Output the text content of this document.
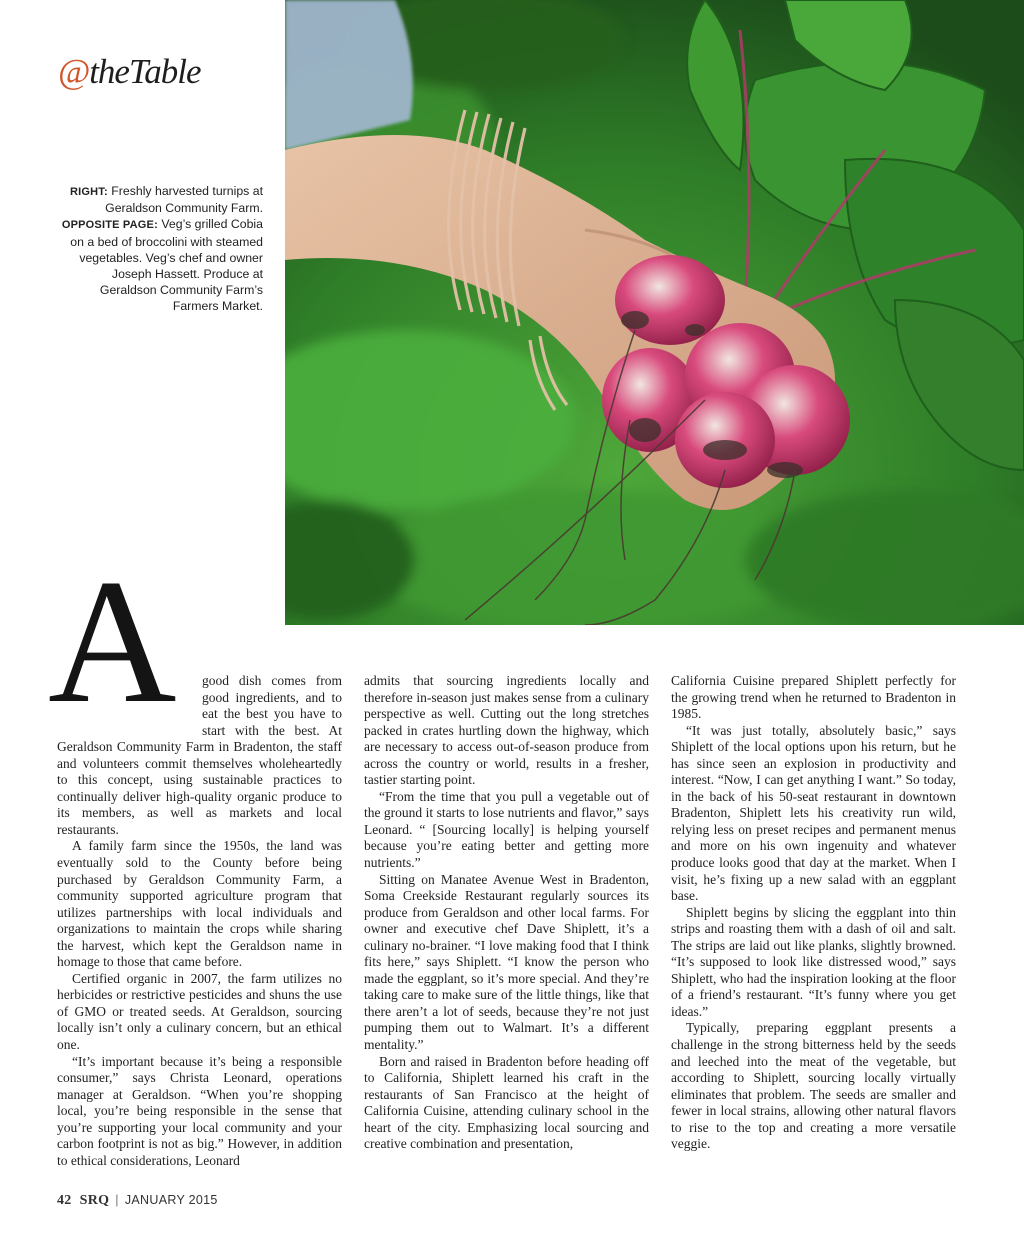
@theTable

RIGHT: Freshly harvested turnips at Geraldson Community Farm. OPPOSITE PAGE: Veg’s grilled Cobia on a bed of broccolini with steamed vegetables. Veg’s chef and owner Joseph Hassett. Produce at Geraldson Community Farm’s Farmers Market.

A	good dish comes from good ingredients, and to eat the best you have to start with the best. At Geraldson Community Farm in Bradenton, the staff and volunteers commit themselves wholeheartedly to this concept, using sustainable practices to continually deliver high-quality organic produce to its members, as well as markets and local restaurants.

A family farm since the 1950s, the land was eventually sold to the County before being purchased by Geraldson Community Farm, a community supported agriculture program that utilizes partnerships with local individuals and organizations to maintain the crops while sharing the harvest, which kept the Geraldson name in homage to those that came before.

Certified organic in 2007, the farm utilizes no herbicides or restrictive pesticides and shuns the use of GMO or treated seeds. At Geraldson, sourcing locally isn’t only a culinary concern, but an ethical one.

“It’s important because it’s being a responsible consumer,” says Christa Leonard, operations manager at Geraldson. “When you’re shopping local, you’re being responsible in the sense that you’re supporting your local community and your carbon footprint is not as big.” However, in addition to ethical considerations, Leonard

admits that sourcing ingredients locally and therefore in-season just makes sense from a culinary perspective as well. Cutting out the long stretches packed in crates hurtling down the highway, which are necessary to access out-of-season produce from across the country or world, results in a fresher, tastier starting point.

“From the time that you pull a vegetable out of the ground it starts to lose nutrients and flavor,” says Leonard. “ [Sourcing locally] is helping yourself because you’re eating better and getting more nutrients.”

Sitting on Manatee Avenue West in Bradenton, Soma Creekside Restaurant regularly sources its produce from Geraldson and other local farms. For owner and executive chef Dave Shiplett, it’s a culinary no-brainer. “I love making food that I think fits here,” says Shiplett. “I know the person who made the eggplant, so it’s more special. And they’re taking care to make sure of the little things, like that there aren’t a lot of seeds, because they’re not just pumping them out to Walmart. It’s a different mentality.”

Born and raised in Bradenton before heading off to California, Shiplett learned his craft in the restaurants of San Francisco at the height of California Cuisine, attending culinary school in the heart of the city. Emphasizing local sourcing and creative combination and presentation,

California Cuisine prepared Shiplett perfectly for the growing trend when he returned to Bradenton in 1985.

“It was just totally, absolutely basic,” says Shiplett of the local options upon his return, but he has since seen an explosion in productivity and interest. “Now, I can get anything I want.” So today, in the back of his 50-seat restaurant in downtown Bradenton, Shiplett lets his creativity run wild, relying less on preset recipes and permanent menus and more on his own ingenuity and whatever produce looks good that day at the market. When I visit, he’s fixing up a new salad with an eggplant base.

Shiplett begins by slicing the eggplant into thin strips and roasting them with a dash of oil and salt. The strips are laid out like planks, slightly browned. “It’s supposed to look like distressed wood,” says Shiplett, who had the inspiration looking at the floor of a friend’s restaurant. “It’s funny where you get ideas.”

Typically, preparing eggplant presents a challenge in the strong bitterness held by the seeds and leeched into the meat of the vegetable, but according to Shiplett, sourcing locally virtually eliminates that problem. The seeds are smaller and fewer in local strains, allowing other natural flavors to rise to the top and creating a more versatile veggie.

42 SRQ | JANUARY 2015
